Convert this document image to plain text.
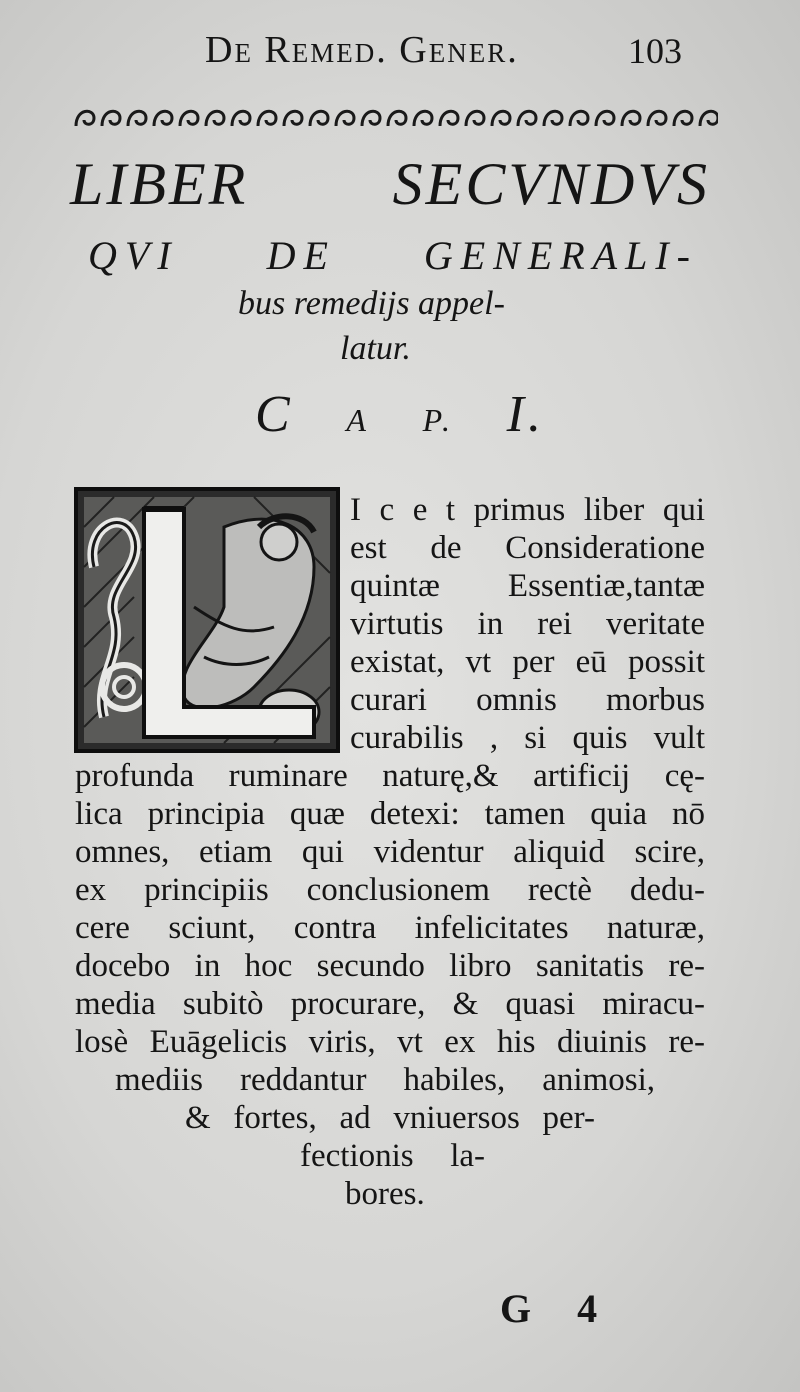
De Remed. Gener.	103
LIBER SECVNDVS
QVI DE GENERALI-
bus remedijs appel-
latur.
C A P. I.
I c e t primus liber qui
est de Consideratione
quintæ Essentiæ,tantæ
virtutis in rei veritate
existat, vt per eū possit
curari omnis morbus
curabilis , si quis vult
profunda ruminare naturę,& artificij cę-
lica principia quæ detexi: tamen quia nō
omnes, etiam qui videntur aliquid scire,
ex principiis conclusionem rectè dedu-
cere sciunt, contra infelicitates naturæ,
docebo in hoc secundo libro sanitatis re-
media subitò procurare, & quasi miracu-
losè Euāgelicis viris, vt ex his diuinis re-
mediis reddantur habiles, animosi,
& fortes, ad vniuersos per-
fectionis la-
bores.
G 4
